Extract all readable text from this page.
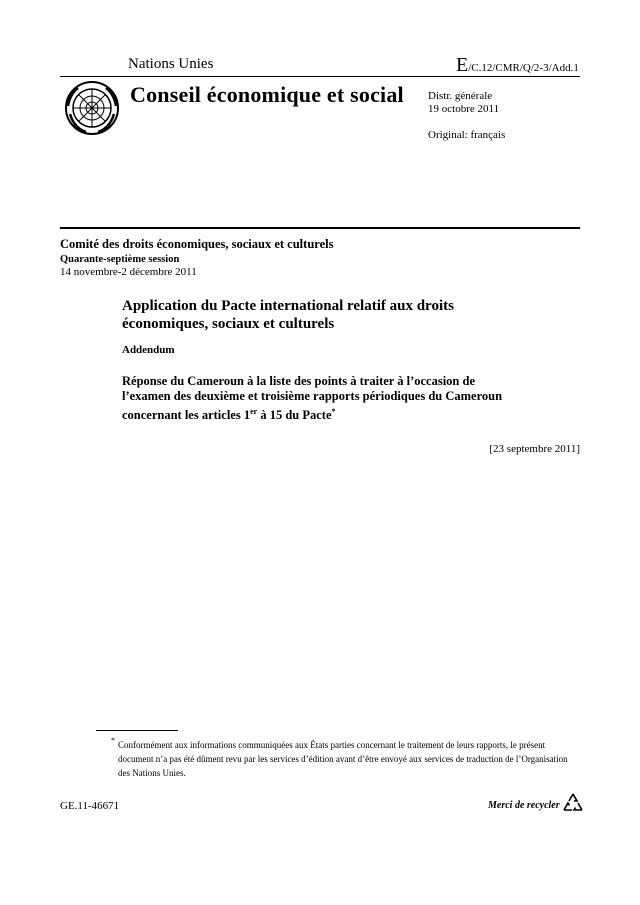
Nations Unies	E/C.12/CMR/Q/2-3/Add.1
Conseil économique et social Distr. générale
19 octobre 2011
Original: français
Comité des droits économiques, sociaux et culturels
Quarante-septième session
14 novembre-2 décembre 2011
Application du Pacte international relatif aux droits économiques, sociaux et culturels
Addendum
Réponse du Cameroun à la liste des points à traiter à l’occasion de l’examen des deuxième et troisième rapports périodiques du Cameroun concernant les articles 1er à 15 du Pacte*
[23 septembre 2011]
* Conformément aux informations communiquées aux États parties concernant le traitement de leurs rapports, le présent document n’a pas été dûment revu par les services d’édition avant d’être envoyé aux services de traduction de l’Organisation des Nations Unies.
GE.11-46671	Merci de recycler
